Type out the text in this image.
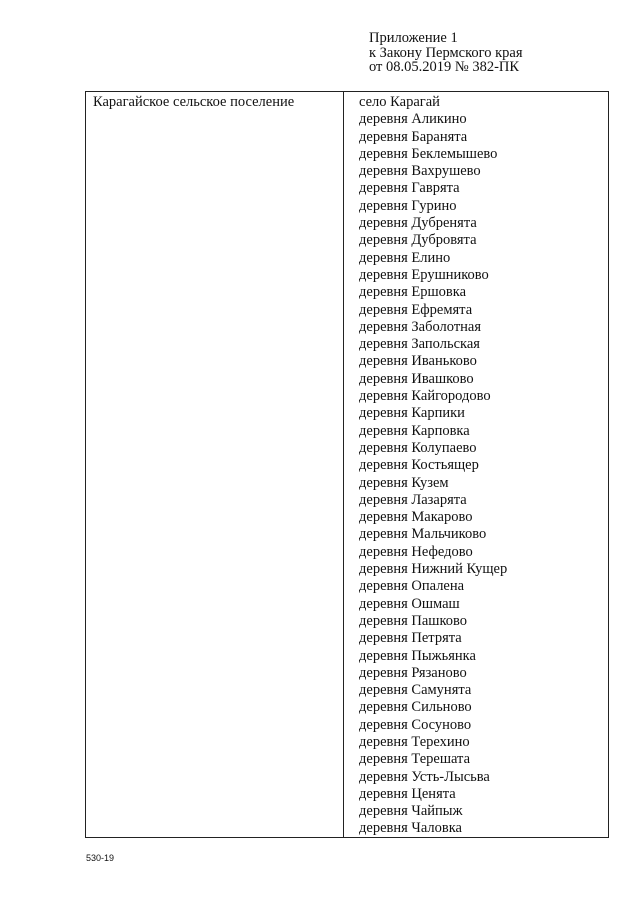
Приложение 1
к Закону Пермского края
от 08.05.2019 № 382-ПК
Карагайское сельское поселение	село Карагай
деревня Аликино
деревня Баранята
деревня Беклемышево
деревня Вахрушево
деревня Гаврята
деревня Гурино
деревня Дубренята
деревня Дубровята
деревня Елино
деревня Ерушниково
деревня Ершовка
деревня Ефремята
деревня Заболотная
деревня Запольская
деревня Иваньково
деревня Ивашково
деревня Кайгородово
деревня Карпики
деревня Карповка
деревня Колупаево
деревня Костьящер
деревня Кузем
деревня Лазарята
деревня Макарово
деревня Мальчиково
деревня Нефедово
деревня Нижний Кущер
деревня Опалена
деревня Ошмаш
деревня Пашково
деревня Петрята
деревня Пыжьянка
деревня Рязаново
деревня Самунята
деревня Сильново
деревня Сосуново
деревня Терехино
деревня Терешата
деревня Усть-Лысьва
деревня Ценята
деревня Чайпыж
деревня Чаловка
530-19
